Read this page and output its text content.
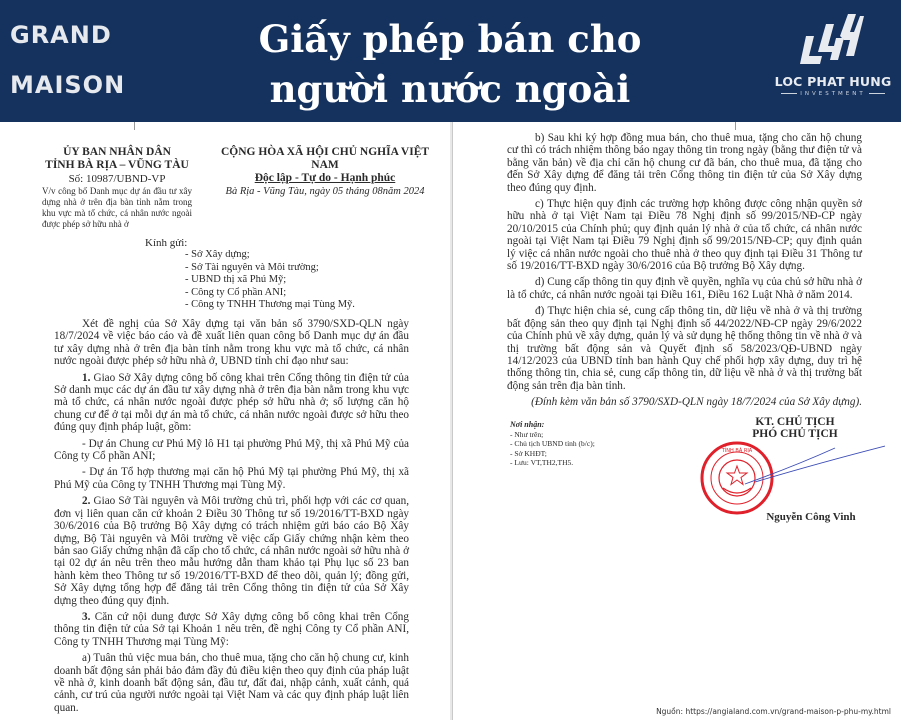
GRAND
MAISON
Giấy phép bán cho
người nước ngoài	LOC PHAT HUNG
INVESTMENT
ỦY BAN NHÂN DÂN
TỈNH BÀ RỊA – VŨNG TÀU
Số: 10987/UBND-VP
V/v công bố Danh mục dự án đầu tư xây dựng nhà ở trên địa bàn tỉnh nằm trong khu vực mà tổ chức, cá nhân nước ngoài được phép sở hữu nhà ở
CỘNG HÒA XÃ HỘI CHỦ NGHĨA VIỆT NAM
Độc lập - Tự do - Hạnh phúc
Bà Rịa - Vũng Tàu, ngày 05 tháng 08năm 2024
Kính gửi:
- Sở Xây dựng;
- Sở Tài nguyên và Môi trường;
- UBND thị xã Phú Mỹ;
- Công ty Cổ phần ANI;
- Công ty TNHH Thương mại Tùng Mỹ.

Xét đề nghị của Sở Xây dựng tại văn bản số 3790/SXD-QLN ngày 18/7/2024 về việc báo cáo và đề xuất liên quan công bố Danh mục dự án đầu tư xây dựng nhà ở trên địa bàn tỉnh nằm trong khu vực mà tổ chức, cá nhân nước ngoài được phép sở hữu nhà ở, UBND tỉnh chỉ đạo như sau:

1. Giao Sở Xây dựng công bố công khai trên Cổng thông tin điện tử của Sở danh mục các dự án đầu tư xây dựng nhà ở trên địa bàn nằm trong khu vực mà tổ chức, cá nhân nước ngoài được phép sở hữu nhà ở; số lượng căn hộ chung cư để ở tại mỗi dự án mà tổ chức, cá nhân nước ngoài được sở hữu theo đúng quy định pháp luật, gồm:

- Dự án Chung cư Phú Mỹ lô H1 tại phường Phú Mỹ, thị xã Phú Mỹ của Công ty Cổ phần ANI;

- Dự án Tổ hợp thương mại căn hộ Phú Mỹ tại phường Phú Mỹ, thị xã Phú Mỹ của Công ty TNHH Thương mại Tùng Mỹ.

2. Giao Sở Tài nguyên và Môi trường chủ trì, phối hợp với các cơ quan, đơn vị liên quan căn cứ khoản 2 Điều 30 Thông tư số 19/2016/TT-BXD ngày 30/6/2016 của Bộ trưởng Bộ Xây dựng có trách nhiệm gửi báo cáo Bộ Xây dựng, Bộ Tài nguyên và Môi trường về việc cấp Giấy chứng nhận kèm theo bản sao Giấy chứng nhận đã cấp cho tổ chức, cá nhân nước ngoài sở hữu nhà ở tại 02 dự án nêu trên theo mẫu hướng dẫn tham khảo tại Phụ lục số 23 ban hành kèm theo Thông tư số 19/2016/TT-BXD để theo dõi, quản lý; đồng gửi, Sở Xây dựng tổng hợp để đăng tải trên Cổng thông tin điện tử của Sở Xây dựng theo đúng quy định.

3. Căn cứ nội dung được Sở Xây dựng công bố công khai trên Cổng thông tin điện tử của Sở tại Khoản 1 nêu trên, đề nghị Công ty Cổ phần ANI, Công ty TNHH Thương mại Tùng Mỹ:

a) Tuân thủ việc mua bán, cho thuê mua, tặng cho căn hộ chung cư, kinh doanh bất động sản phải bảo đảm đầy đủ điều kiện theo quy định của pháp luật về nhà ở, kinh doanh bất động sản, đầu tư, đất đai, nhập cảnh, xuất cảnh, quá cảnh, cư trú của người nước ngoài tại Việt Nam và các quy định pháp luật liên quan.

b) Sau khi ký hợp đồng mua bán, cho thuê mua, tặng cho căn hộ chung cư thì có trách nhiệm thông báo ngay thông tin trong ngày (bằng thư điện tử và bằng văn bản) về địa chỉ căn hộ chung cư đã bán, cho thuê mua, đã tặng cho đến Sở Xây dựng để đăng tải trên Cổng thông tin điện tử của Sở Xây dựng theo đúng quy định.

c) Thực hiện quy định các trường hợp không được công nhận quyền sở hữu nhà ở tại Việt Nam tại Điều 78 Nghị định số 99/2015/NĐ-CP ngày 20/10/2015 của Chính phủ; quy định quản lý nhà ở của tổ chức, cá nhân nước ngoài tại Việt Nam tại Điều 79 Nghị định số 99/2015/NĐ-CP; quy định quản lý việc cá nhân nước ngoài cho thuê nhà ở theo quy định tại Điều 31 Thông tư số 19/2016/TT-BXD ngày 30/6/2016 của Bộ trưởng Bộ Xây dựng.

d) Cung cấp thông tin quy định về quyền, nghĩa vụ của chủ sở hữu nhà ở là tổ chức, cá nhân nước ngoài tại Điều 161, Điều 162 Luật Nhà ở năm 2014.

đ) Thực hiện chia sẻ, cung cấp thông tin, dữ liệu về nhà ở và thị trường bất động sản theo quy định tại Nghị định số 44/2022/NĐ-CP ngày 29/6/2022 của Chính phủ về xây dựng, quản lý và sử dụng hệ thống thông tin về nhà ở và thị trường bất động sản và Quyết định số 58/2023/QĐ-UBND ngày 14/12/2023 của UBND tỉnh ban hành Quy chế phối hợp xây dựng, duy trì hệ thống thông tin, chia sẻ, cung cấp thông tin, dữ liệu về nhà ở và thị trường bất động sản trên địa bàn tỉnh.

(Đính kèm văn bản số 3790/SXD-QLN ngày 18/7/2024 của Sở Xây dựng).

Nơi nhận:
- Như trên;
- Chủ tịch UBND tỉnh (b/c);
- Sở KHĐT;
- Lưu: VT,TH2,TH5.
KT. CHỦ TỊCH
PHÓ CHỦ TỊCH
TỈNH BÀ RỊA
Nguyễn Công Vinh
Nguồn: https://angialand.com.vn/grand-maison-p-phu-my.html
